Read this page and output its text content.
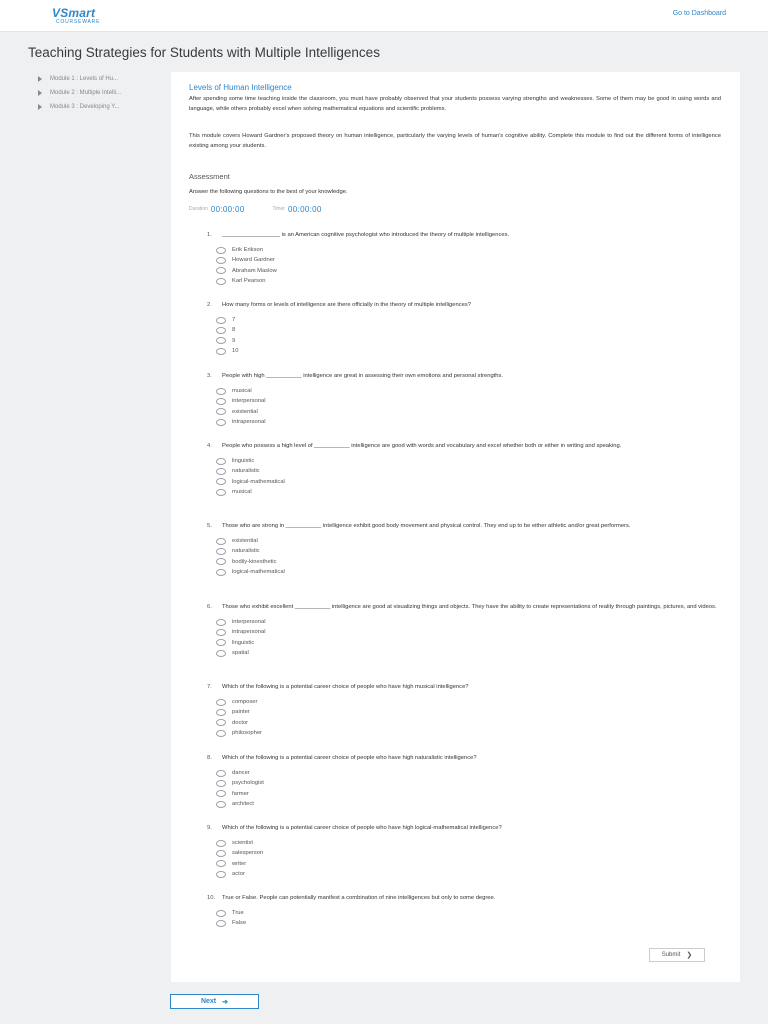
VSmart
COURSEWARE
Go to Dashboard
Teaching Strategies for Students with Multiple Intelligences
Module 1 : Levels of Hu...
Module 2 : Multiple Intelli...
Module 3 : Developing Y...
Levels of Human Intelligence
After spending some time teaching inside the classroom, you must have probably observed that your students possess varying strengths and weaknesses. Some of them may be good in using words and language, while others probably excel when solving mathematical equations and scientific problems.
This module covers Howard Gardner's proposed theory on human intelligence, particularly the varying levels of human's cognitive ability. Complete this module to find out the different forms of intelligence existing among your students.
Assessment
Answer the following questions to the best of your knowledge.
Duration 00:00:00	Timer 00:00:00
1. __________________ is an American cognitive psychologist who introduced the theory of multiple intelligences.
Erik Erikson
Howard Gardner
Abraham Maslow
Karl Pearson
2. How many forms or levels of intelligence are there officially in the theory of multiple intelligences?
7
8
9
10
3. People with high ___________ intelligence are great in assessing their own emotions and personal strengths.
musical
interpersonal
existential
intrapersonal
4. People who possess a high level of ___________ intelligence are good with words and vocabulary and excel whether both or either in writing and speaking.
linguistic
naturalistic
logical-mathematical
musical
5. Those who are strong in ___________ intelligence exhibit good body movement and physical control. They end up to be either athletic and/or great performers.
existential
naturalistic
bodily-kinesthetic
logical-mathematical
6. Those who exhibit excellent ___________ intelligence are good at visualizing things and objects. They have the ability to create representations of reality through paintings, pictures, and videos.
interpersonal
intrapersonal
linguistic
spatial
7. Which of the following is a potential career choice of people who have high musical intelligence?
composer
painter
doctor
philosopher
8. Which of the following is a potential career choice of people who have high naturalistic intelligence?
dancer
psychologist
farmer
architect
9. Which of the following is a potential career choice of people who have high logical-mathematical intelligence?
scientist
salesperson
writer
actor
10. True or False. People can potentially manifest a combination of nine intelligences but only to some degree.
True
False
Submit ❯
Next ➔
